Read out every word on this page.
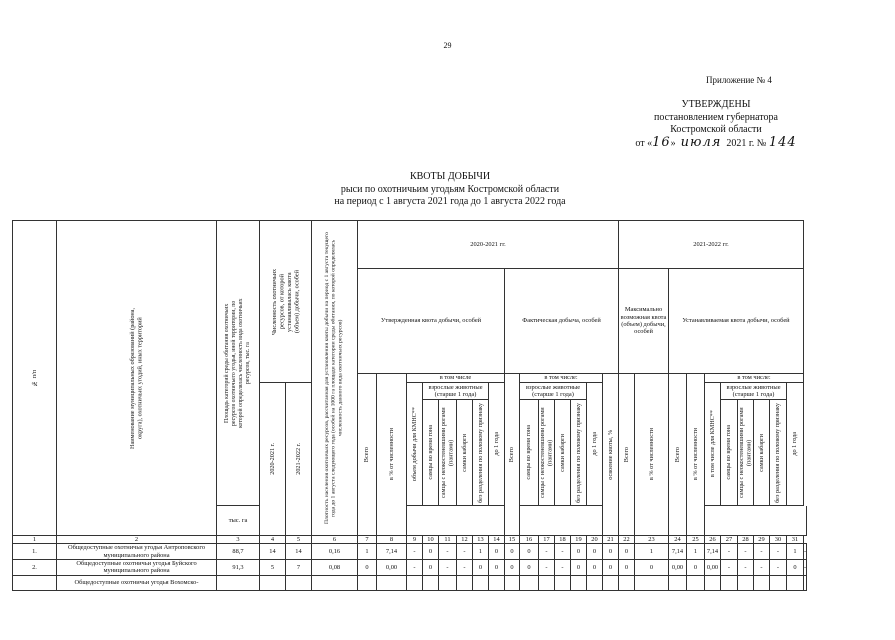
29
Приложение № 4
УТВЕРЖДЕНЫ
постановлением губернатора
Костромской области
от «16» июля 2021 г. № 144
КВОТЫ ДОБЫЧИ
рыси по охотничьим угодьям Костромской области
на период с 1 августа 2021 года до 1 августа 2022 года
№ п/п	Наименование муниципальных образований (района, округа), охотничьих угодий, иных территорий	Площадь категорий среды обитания охотничьих ресурсов охотничьего угодья, иной территории, по которой определялась численность вида охотничьих ресурсов, тыс. га	Численность охотничьих ресурсов, от которой устанавливалась квота (объем) добычи, особей		Плотность населения охотничьих ресурсов, рассчитанная для установления квоты добычи на период с 1 августа текущего года до 1 августа следующего года (особей на 1000 га площади категории среды обитания, по которой определялась численность данного вида охотничьих ресурсов)	2020-2021 гг.															2021-2022 гг.										
						Утвержденная квота добычи, особей								Фактическая добыча, особей							Максимально возможная квота (объем) добычи, особей		Устанавливаемая квота добычи, особей								

						Всего	в % от численности	в том числе						Всего	в том числе:					освоение квоты, %	Всего	в % от численности	Всего	в % от численности	в том числе:						

			2020-2021 г.	2021-2022 г.				объем добычи для КМНС**	взрослые животные (старше 1 года)				до 1 года		взрослые животные (старше 1 года)				до 1 года						в том числе для КМНС**	взрослые животные (старше 1 года)				до 1 года	

									самцы во время гона	самцы с неокостеневшими рогами (пантами)	самки кабарги	без разделения по половому признаку			самцы во время гона	самцы с неокостеневшими рогами (пантами)	самки кабарги	без разделения по половому признаку								самцы во время гона	самцы с неокостеневшими рогами (пантами)	самки кабарги	без разделения по половому признаку		

		тыс. га																													
1	2	3	4	5	6	7	8	9	10	11	12	13	14	15	16	17	18	19	20	21	22	23	24	25	26	27	28	29	30	31	
1.	Общедоступные охотничьи угодья Антроповского муниципального района	88,7	14	14	0,16	1	7,14	-	0	-	-	1	0	0	0	-	-	0	0	0	0	1	7,14	1	7,14	-	-	-	-	1	-
2.	Общедоступные охотничьи угодья Буйского муниципального района	91,3	5	7	0,08	0	0,00	-	0	-	-	0	0	0	0	-	-	0	0	0	0	0	0,00	0	0,00	-	-	-	-	0	-
	Общедоступные охотничьи угодья Вохомско-																														
